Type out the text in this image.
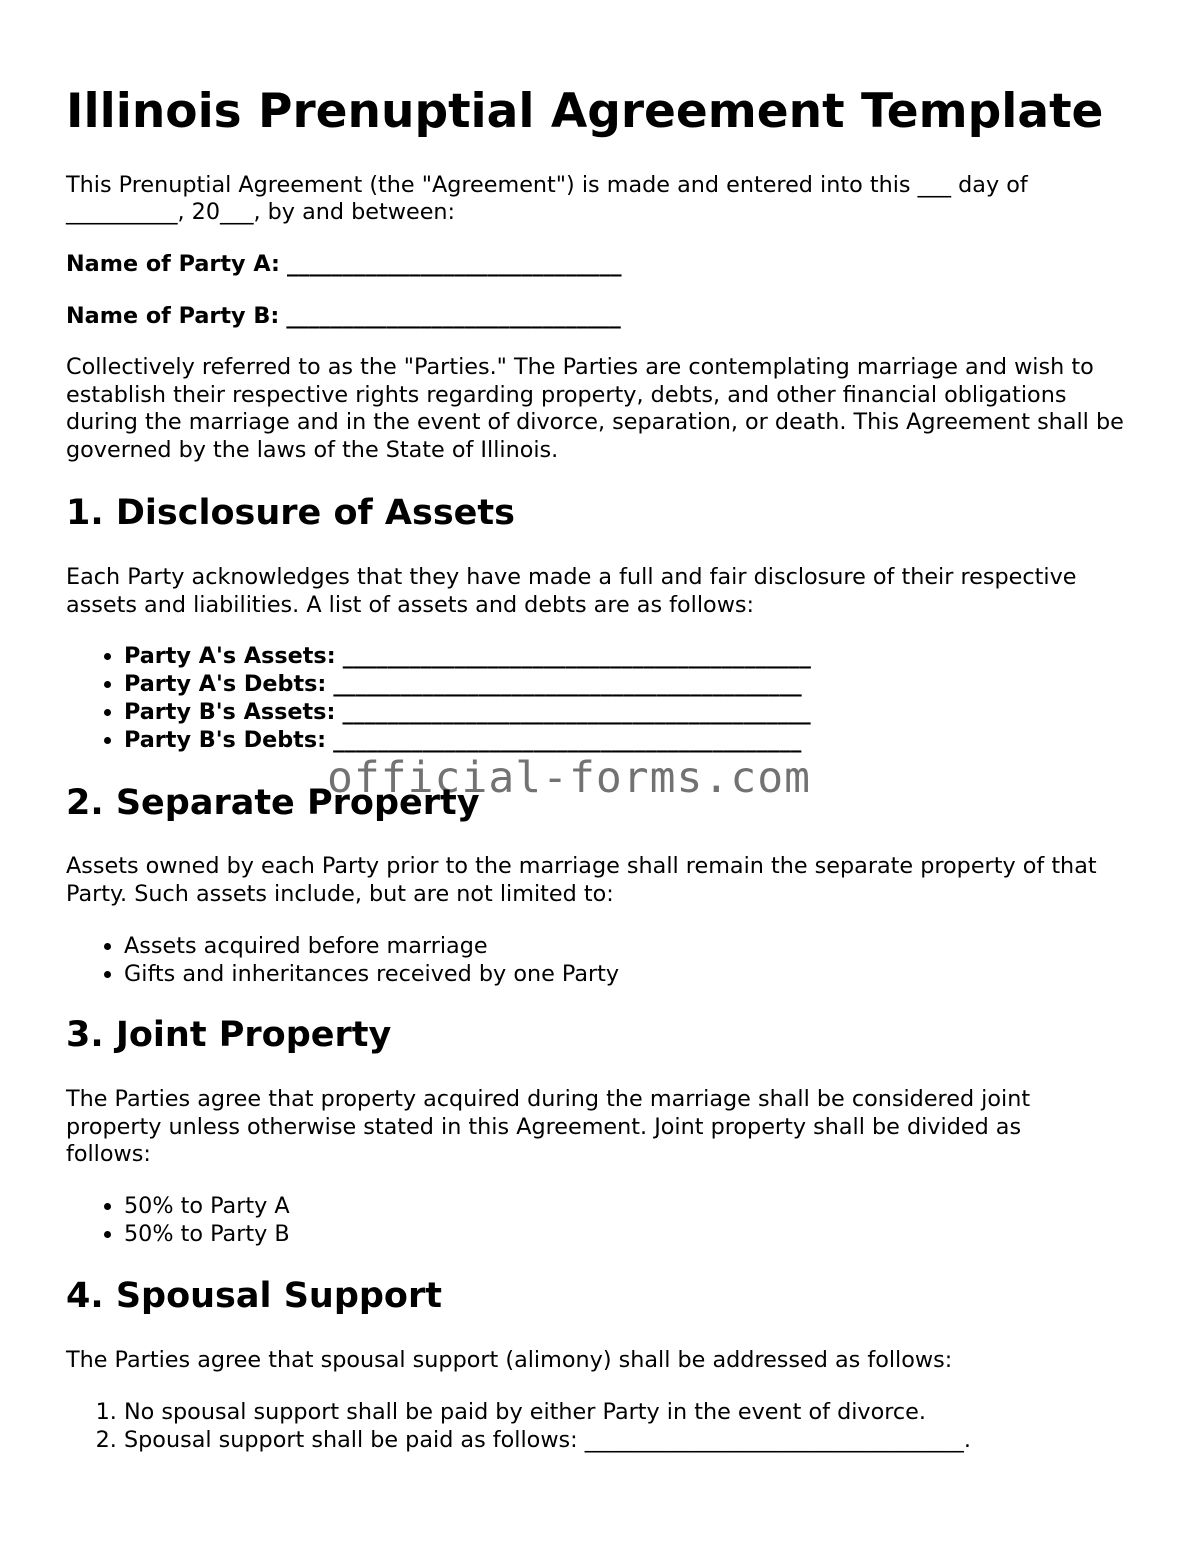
Illinois Prenuptial Agreement Template

This Prenuptial Agreement (the "Agreement") is made and entered into this ___ day of

__________, 20___, by and between:

Name of Party A: ______________________________

Name of Party B: ______________________________

Collectively referred to as the "Parties." The Parties are contemplating marriage and wish to establish their respective rights regarding property, debts, and other financial obligations during the marriage and in the event of divorce, separation, or death. This Agreement shall be governed by the laws of the State of Illinois.

1. Disclosure of Assets

Each Party acknowledges that they have made a full and fair disclosure of their respective assets and liabilities. A list of assets and debts are as follows:

• Party A's Assets: __________________________________________
• Party A's Debts: __________________________________________
• Party B's Assets: __________________________________________
• Party B's Debts: __________________________________________
2. Separate Property

Assets owned by each Party prior to the marriage shall remain the separate property of that Party. Such assets include, but are not limited to:

• Assets acquired before marriage
• Gifts and inheritances received by one Party
3. Joint Property

The Parties agree that property acquired during the marriage shall be considered joint property unless otherwise stated in this Agreement. Joint property shall be divided as follows:

• 50% to Party A
• 50% to Party B
4. Spousal Support

The Parties agree that spousal support (alimony) shall be addressed as follows:

1. No spousal support shall be paid by either Party in the event of divorce.
2. Spousal support shall be paid as follows: __________________________________.
official-forms.com
